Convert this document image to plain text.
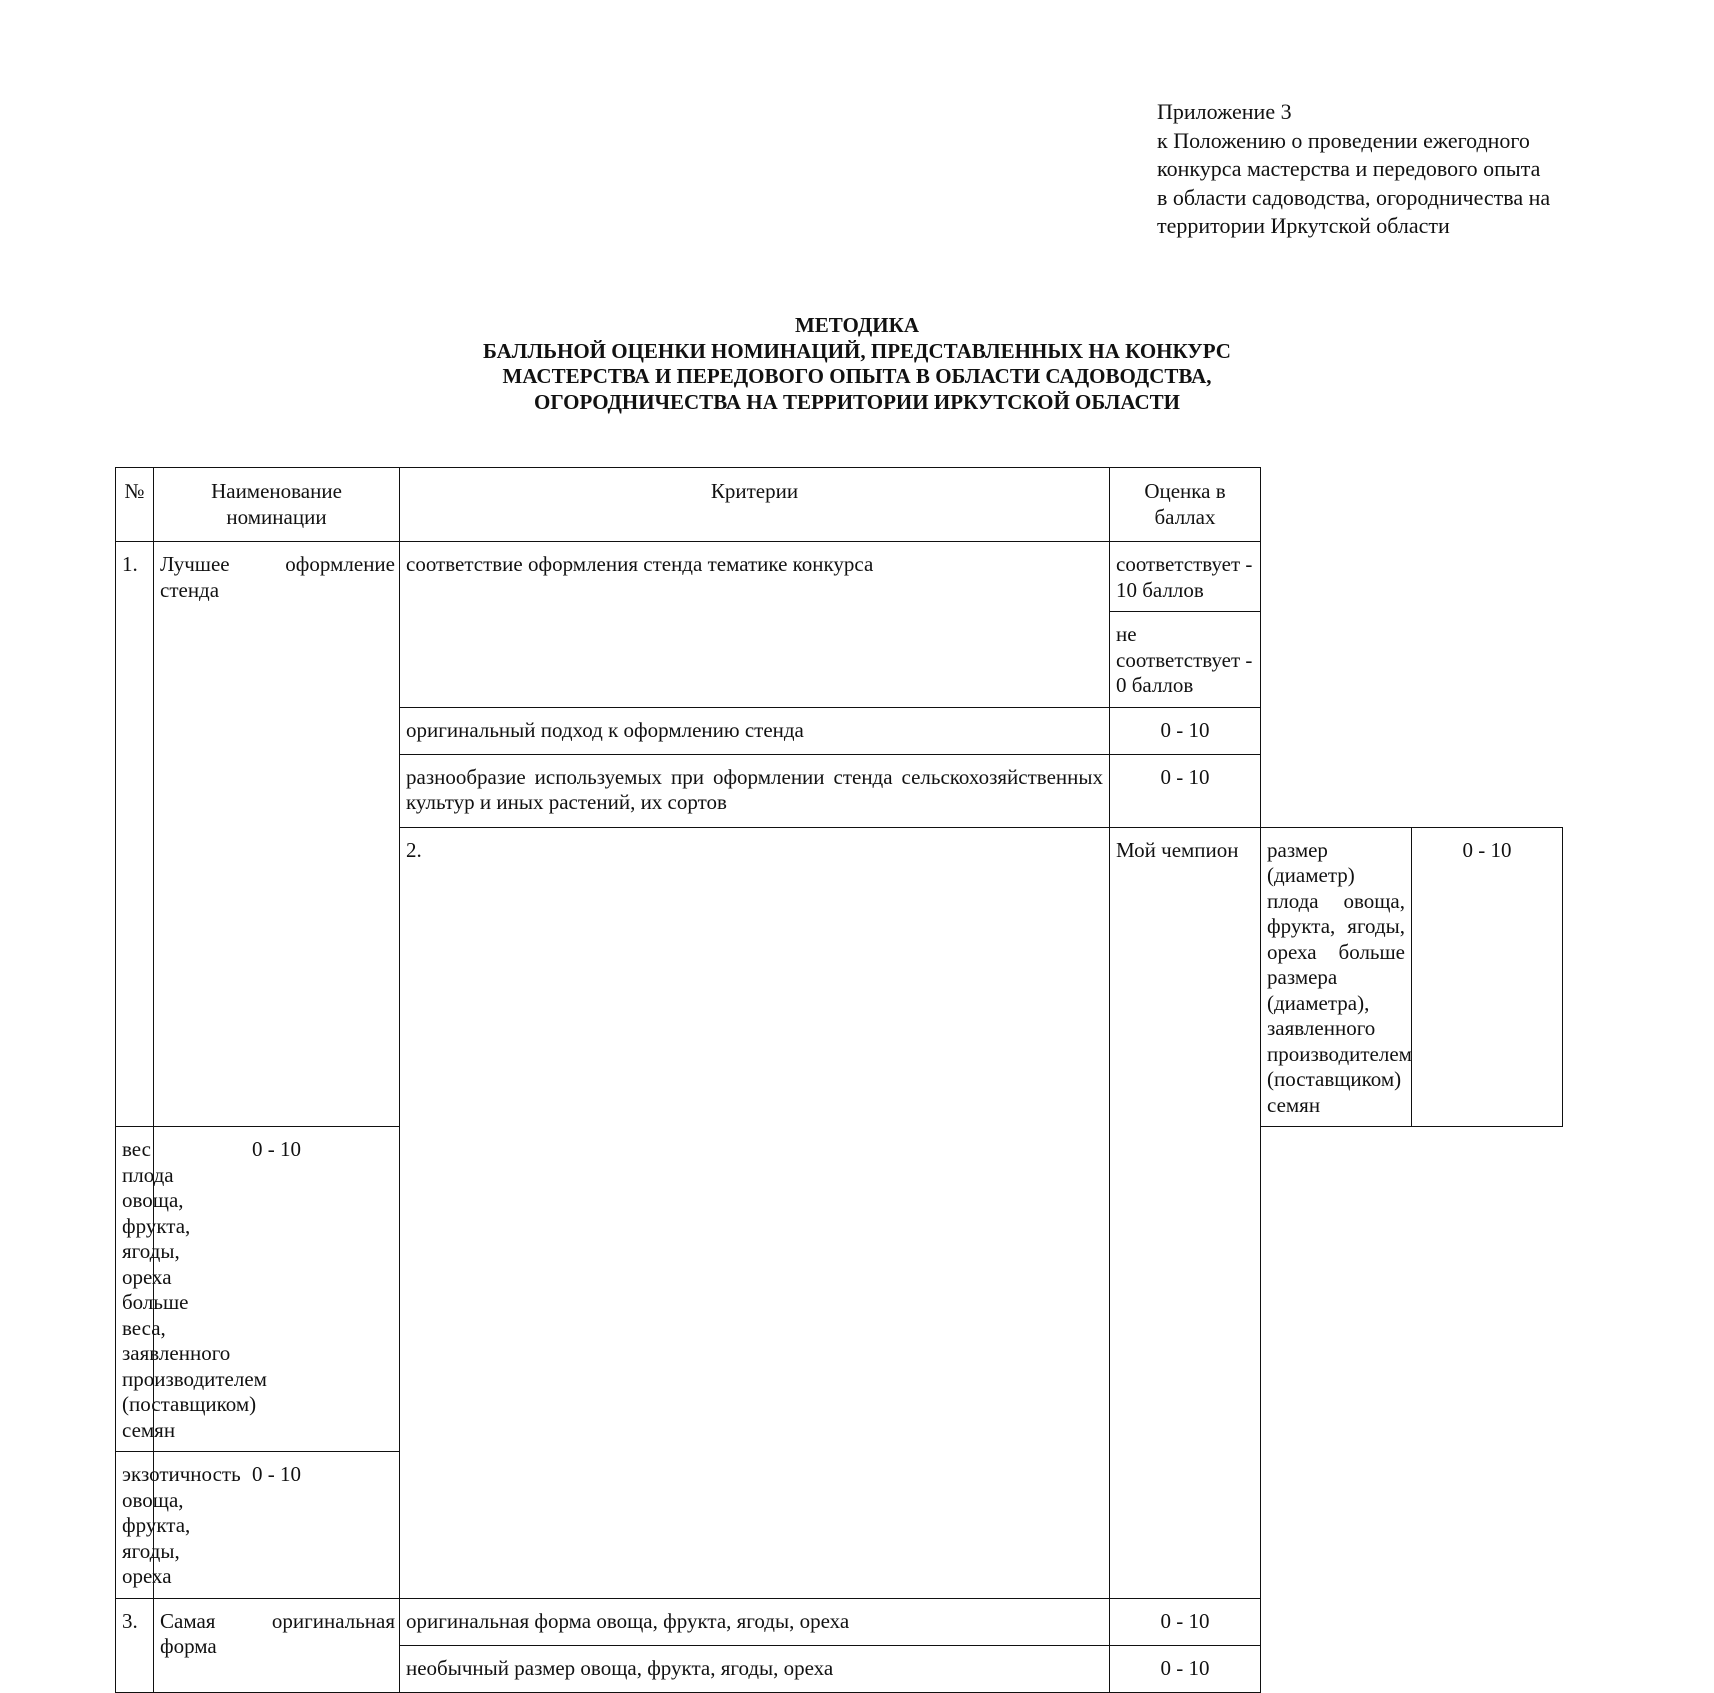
Приложение 3
к Положению о проведении ежегодного
конкурса мастерства и передового опыта
в области садоводства, огородничества на
территории Иркутской области
МЕТОДИКА
БАЛЛЬНОЙ ОЦЕНКИ НОМИНАЦИЙ, ПРЕДСТАВЛЕННЫХ НА КОНКУРС
МАСТЕРСТВА И ПЕРЕДОВОГО ОПЫТА В ОБЛАСТИ САДОВОДСТВА,
ОГОРОДНИЧЕСТВА НА ТЕРРИТОРИИ ИРКУТСКОЙ ОБЛАСТИ
№	Наименование номинации	Критерии	Оценка в баллах		
1.	Лучшее оформление стенда	соответствие оформления стенда тематике конкурса	соответствует - 10 баллов		
			не соответствует - 0 баллов		
		оригинальный подход к оформлению стенда	0 - 10		
		разнообразие используемых при оформлении стенда сельскохозяйственных культур и иных растений, их сортов	0 - 10		
		2.	Мой чемпион	размер (диаметр) плода овоща, фрукта, ягоды, ореха больше размера (диаметра), заявленного производителем (поставщиком) семян	0 - 10
вес плода овоща, фрукта, ягоды, ореха больше веса, заявленного производителем (поставщиком) семян	0 - 10				
экзотичность овоща, фрукта, ягоды, ореха	0 - 10				
3.	Самая оригинальная форма	оригинальная форма овоща, фрукта, ягоды, ореха	0 - 10		
		необычный размер овоща, фрукта, ягоды, ореха	0 - 10		
